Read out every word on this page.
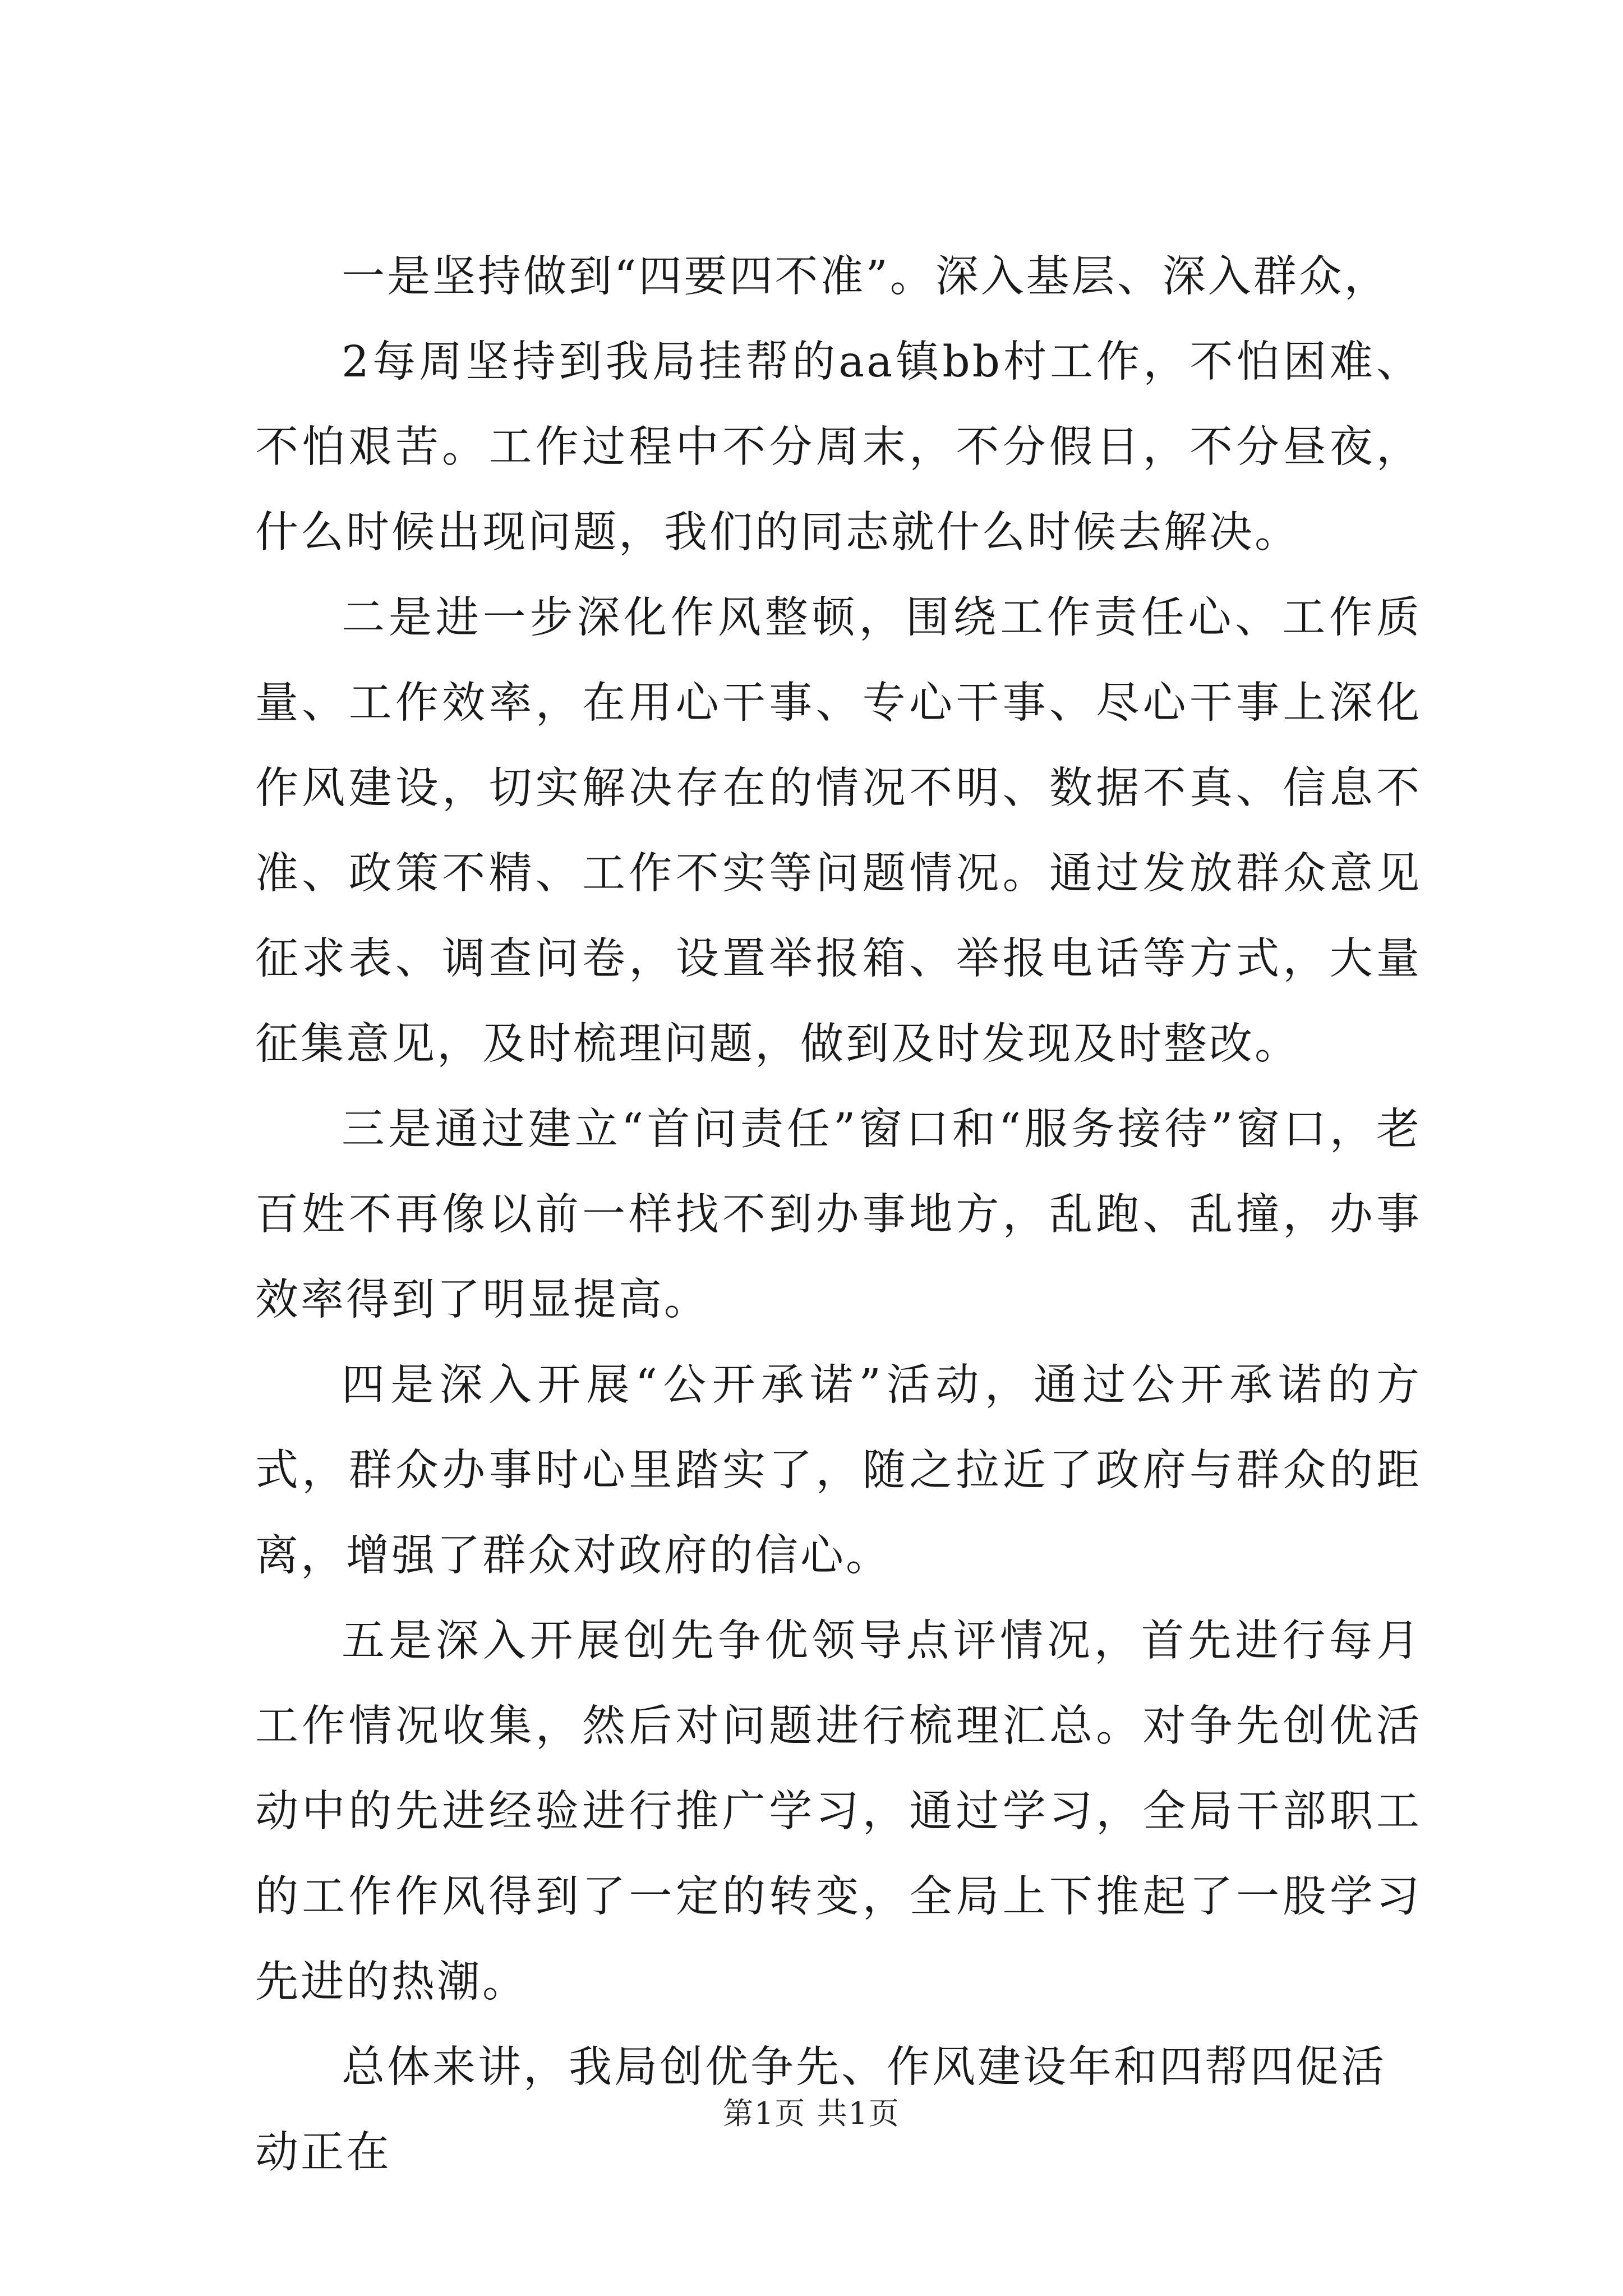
一是坚持做到“四要四不准”。深入基层、深入群众，

2每周坚持到我局挂帮的aa镇bb村工作，不怕困难、不怕艰苦。工作过程中不分周末，不分假日，不分昼夜，什么时候出现问题，我们的同志就什么时候去解决。

二是进一步深化作风整顿，围绕工作责任心、工作质量、工作效率，在用心干事、专心干事、尽心干事上深化作风建设，切实解决存在的情况不明、数据不真、信息不准、政策不精、工作不实等问题情况。通过发放群众意见征求表、调查问卷，设置举报箱、举报电话等方式，大量征集意见，及时梳理问题，做到及时发现及时整改。

三是通过建立“首问责任”窗口和“服务接待”窗口，老百姓不再像以前一样找不到办事地方，乱跑、乱撞，办事效率得到了明显提高。

四是深入开展“公开承诺”活动，通过公开承诺的方式，群众办事时心里踏实了，随之拉近了政府与群众的距离，增强了群众对政府的信心。

五是深入开展创先争优领导点评情况，首先进行每月工作情况收集，然后对问题进行梳理汇总。对争先创优活动中的先进经验进行推广学习，通过学习，全局干部职工的工作作风得到了一定的转变，全局上下推起了一股学习先进的热潮。

总体来讲，我局创优争先、作风建设年和四帮四促活动正在

第1页 共1页
